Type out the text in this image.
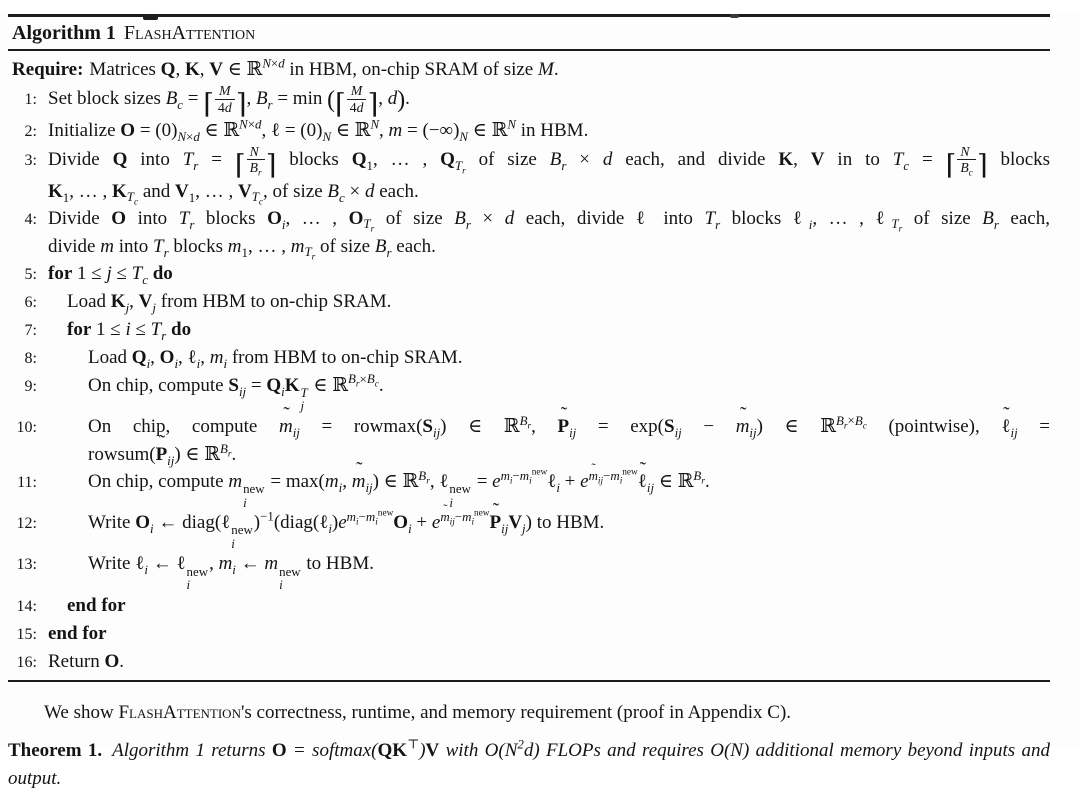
Algorithm 1 FlashAttention
Require: Matrices Q, K, V ∈ ℝ$^{N\times d}$ in HBM, on-chip SRAM of size M.
1: Set block sizes $B_c$ = ⌈ $\frac{M}{4d}$ ⌉, $B_r = \min$ (⌈ $\frac{M}{4d}$ ⌉, d).
2: Initialize $O = (0)_{N\times d}$ ∈ ℝ$^{N\times d}$, ℓ = $(0)_N$ ∈ ℝ$^N$, $m = (-\infty)_N$ ∈ ℝ$^N$ in HBM.
3: Divide Q into $T_r$ = ⌈ $\frac{N}{B_r}$ ⌉ blocks $Q_1$, … , $Q_{T_r}$ of size $B_r \times d$ each, and divide K, V in to $T_c$ = ⌈ $\frac{N}{B_c}$ ⌉ blocks
$K_1$, … , $K_{T_c}$ and $V_1$, … , $V_{T_c}$, of size $B_c \times d$ each.
4: Divide O into $T_r$ blocks $O_i$, … , $O_{T_r}$ of size $B_r \times d$ each, divide ℓ into $T_r$ blocks ℓ$_i$, … , ℓ$_{T_r}$ of size $B_r$ each,
divide m into $T_r$ blocks $m_1$, … , $m_{T_r}$ of size $B_r$ each.
5: for $1 \le j \le T_c$ do
6:	Load $K_j$, $V_j$ from HBM to on-chip SRAM.
7:	for $1 \le i \le T_r$ do
8:	Load $Q_i$, $O_i$, ℓ$_i$, $m_i$ from HBM to on-chip SRAM.
9:	On chip, compute $S_{ij} = Q_iK$ T
j
∈ ℝ$^{B_r\times B_c}$.
10:	On chip, compute m $˜_{ij} = rowmax(S_{ij})$ ∈ ℝ$^{B_r}$, P $˜_{ij} = \exp(S_{ij} - m$ $˜_{ij}$) ∈ ℝ$^{B_r\times B_c}$ (pointwise), ℓ $˜_{ij}$ =
rowsum(P $˜_{ij}$) ∈ ℝ$^{B_r}$.
11:	On chip, compute m new
i
= $\max(m_i$, m $˜_{ij}$) ∈ ℝ$^{B_r}$, ℓ new
i
= $e^{m_i-m_i^{new}}\ell_i$ + $e^{m_{ij}-m_i^{new}}\ell$ $˜_{ij}$ ∈ ℝ$^{B_r}$.
12:	Write $O_i$ ← diag(ℓ new
i
)$^{-1}(diag(\ell_i)e^{m_i-m_i^{new}}O_i + e^{m_{ij}-m_i^{new}}P$ $˜_{ij}V_j$) to HBM.
13:	Write ℓ$_i$ ← ℓ new
i
, $m_i$ ← m new
i
to HBM.
14:	end for
15: end for
16: Return O.

We show FlashAttention's correctness, runtime, and memory requirement (proof in Appendix C).

Theorem 1. Algorithm 1 returns O = softmax(QK⊤)V with $O(N^2d)$ FLOPs and requires O(N) additional memory beyond inputs and output.
